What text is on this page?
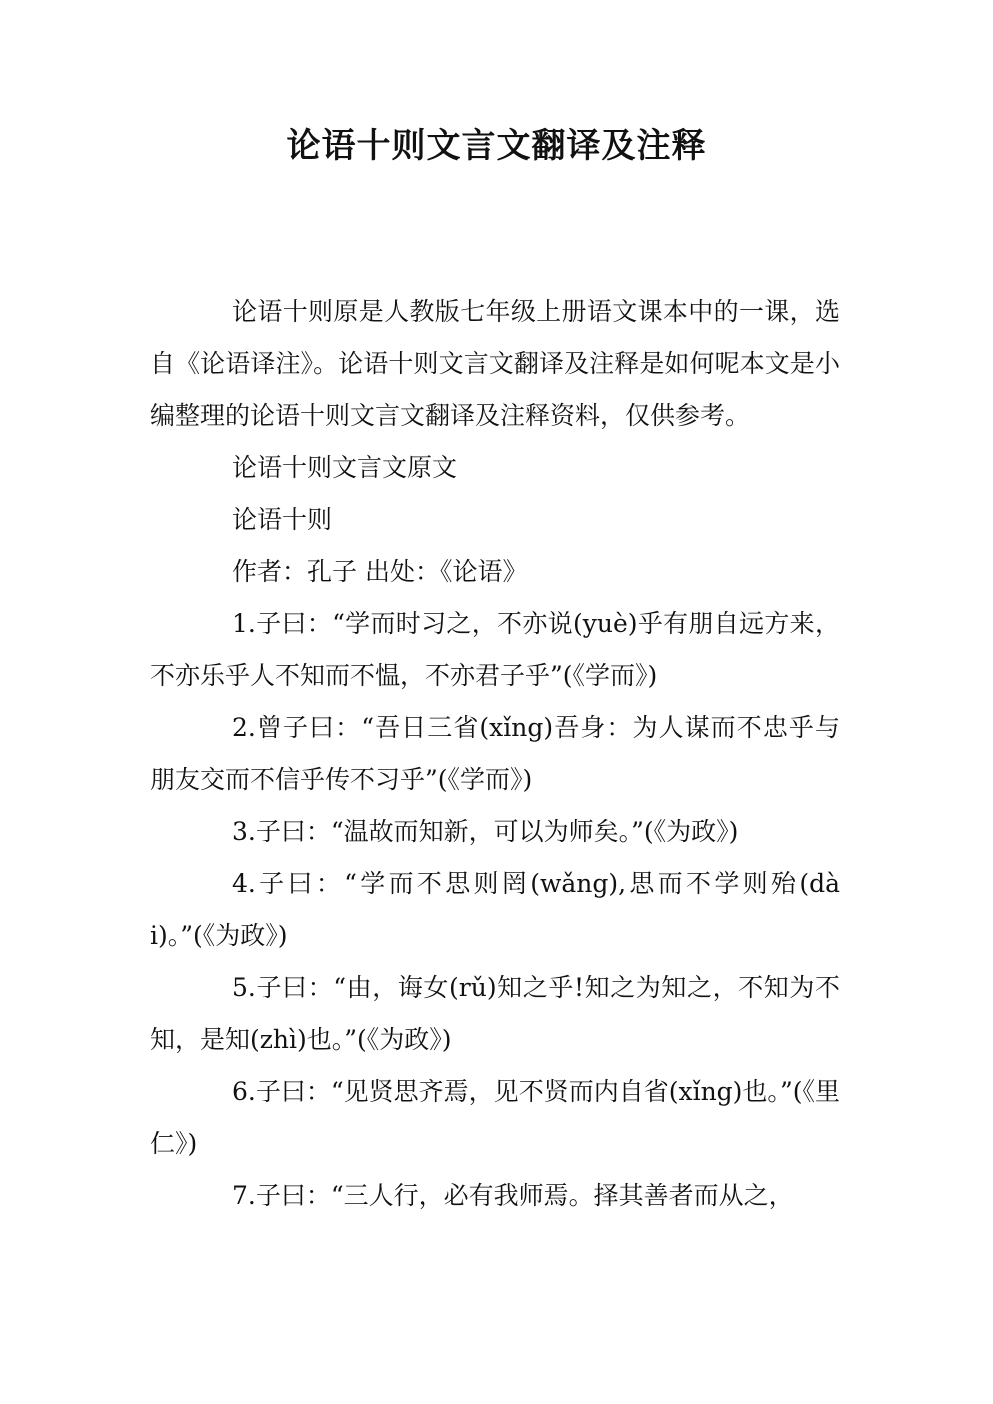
论语十则文言文翻译及注释

论语十则原是人教版七年级上册语文课本中的一课，选自《论语译注》。论语十则文言文翻译及注释是如何呢本文是小编整理的论语十则文言文翻译及注释资料，仅供参考。

论语十则文言文原文

论语十则

作者：孔子 出处：《论语》

1.子曰：“学而时习之，不亦说(yuè)乎有朋自远方来，不亦乐乎人不知而不愠，不亦君子乎”(《学而》)

2.曾子曰：“吾日三省(xǐng)吾身：为人谋而不忠乎与朋友交而不信乎传不习乎”(《学而》)

3.子曰：“温故而知新，可以为师矣。”(《为政》)

4.子曰：“学而不思则罔(wǎng),思而不学则殆(dài)。”(《为政》)

5.子曰：“由，诲女(rǔ)知之乎!知之为知之，不知为不知，是知(zhì)也。”(《为政》)

6.子曰：“见贤思齐焉，见不贤而内自省(xǐng)也。”(《里仁》)

7.子曰：“三人行，必有我师焉。择其善者而从之，
